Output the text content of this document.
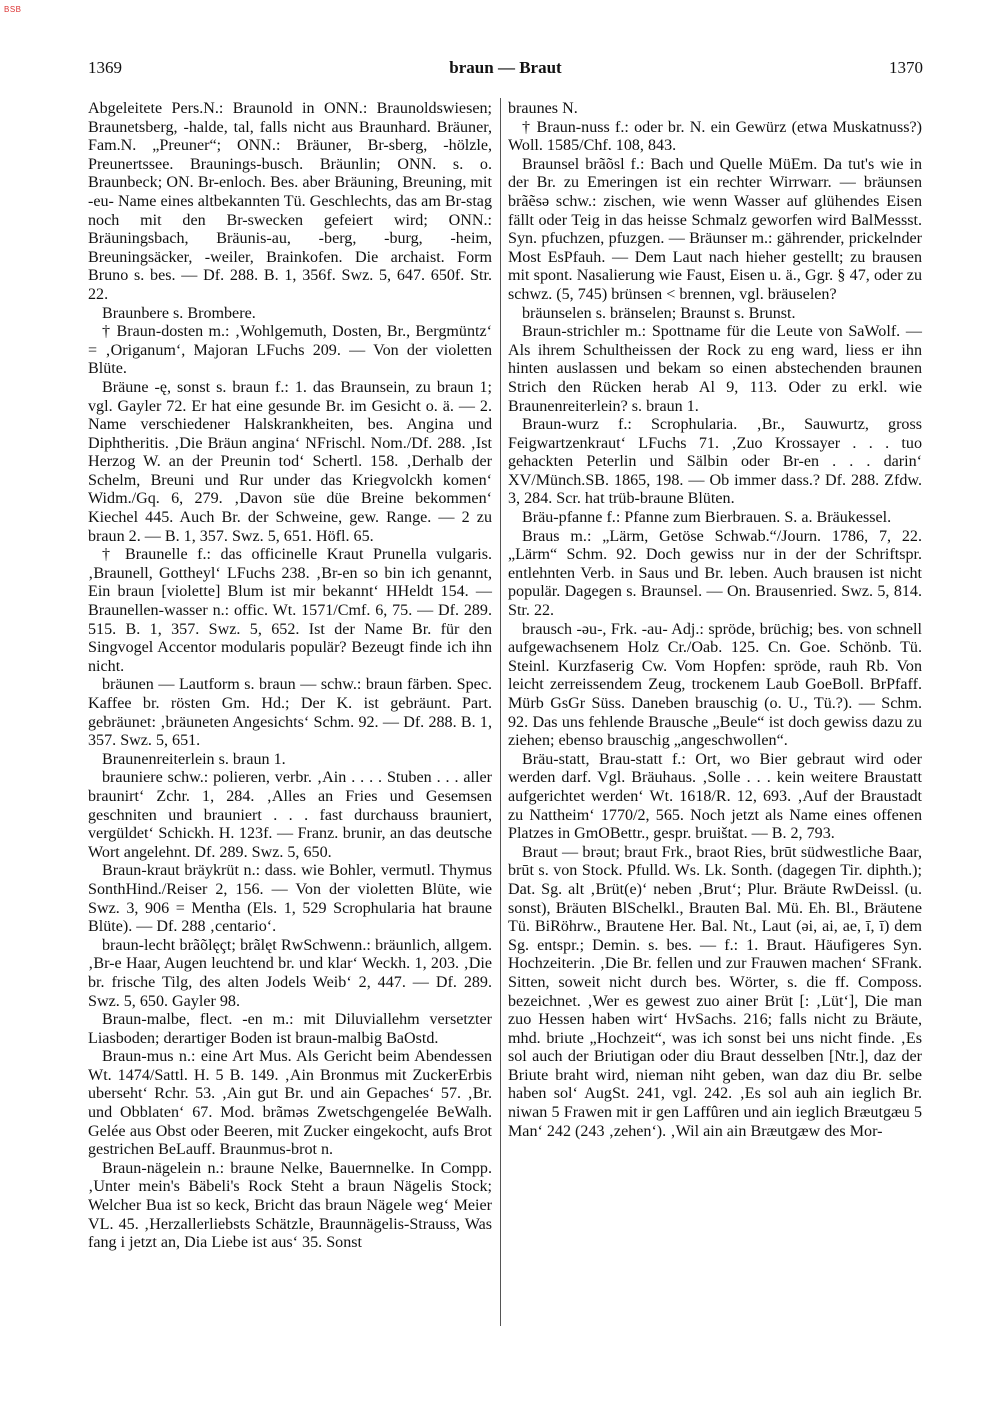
BSB
1369	braun — Braut	1370

Abgeleitete Pers.N.: Braunold in ONN.: Braunoldswiesen; Braunetsberg, -halde, tal, falls nicht aus Braunhard. Bräuner, Fam.N. „Preuner“; ONN.: Bräuner, Br-sberg, -hölzle, Preunertssee. Braunings-busch. Bräunlin; ONN. s. o. Braunbeck; ON. Br-enloch. Bes. aber Bräuning, Breuning, mit -eu- Name eines altbekannten Tü. Geschlechts, das am Br-stag noch mit den Br-swecken gefeiert wird; ONN.: Bräuningsbach, Bräunis-au, -berg, -burg, -heim, Breuningsäcker, -weiler, Brainkofen. Die archaist. Form Bruno s. bes. — Df. 288. B. 1, 356f. Swz. 5, 647. 650f. Str. 22.

Braunbere s. Brombere.

† Braun-dosten m.: ‚Wohlgemuth, Dosten, Br., Bergmüntz‘ = ‚Origanum‘, Majoran LFuchs 209. — Von der violetten Blüte.

Bräune -ę, sonst s. braun f.: 1. das Braunsein, zu braun 1; vgl. Gayler 72. Er hat eine gesunde Br. im Gesicht o. ä. — 2. Name verschiedener Halskrankheiten, bes. Angina und Diphtheritis. ‚Die Bräun angina‘ NFrischl. Nom./Df. 288. ‚Ist Herzog W. an der Preunin tod‘ Schertl. 158. ‚Derhalb der Schelm, Breuni und Rur under das Kriegvolckh komen‘ Widm./Gq. 6, 279. ‚Davon süe düe Breine bekommen‘ Kiechel 445. Auch Br. der Schweine, gew. Range. — 2 zu braun 2. — B. 1, 357. Swz. 5, 651. Höfl. 65.

† Braunelle f.: das officinelle Kraut Prunella vulgaris. ‚Braunell, Gottheyl‘ LFuchs 238. ‚Br-en so bin ich genannt, Ein braun [violette] Blum ist mir bekannt‘ HHeldt 154. — Braunellen-wasser n.: offic. Wt. 1571/Cmf. 6, 75. — Df. 289. 515. B. 1, 357. Swz. 5, 652. Ist der Name Br. für den Singvogel Accentor modularis populär? Bezeugt finde ich ihn nicht.

bräunen — Lautform s. braun — schw.: braun färben. Spec. Kaffee br. rösten Gm. Hd.; Der K. ist gebräunt. Part. gebräunet: ‚bräuneten Angesichts‘ Schm. 92. — Df. 288. B. 1, 357. Swz. 5, 651.

Braunenreiterlein s. braun 1.

brauniere schw.: polieren, verbr. ‚Ain . . . . Stuben . . . aller braunirt‘ Zchr. 1, 284. ‚Alles an Fries und Gesemsen geschniten und brauniert . . . fast durchauss brauniert, vergüldet‘ Schickh. H. 123f. — Franz. brunir, an das deutsche Wort angelehnt. Df. 289. Swz. 5, 650.

Braun-kraut bräykrüt n.: dass. wie Bohler, vermutl. Thymus SonthHind./Reiser 2, 156. — Von der violetten Blüte, wie Swz. 3, 906 = Mentha (Els. 1, 529 Scrophularia hat braune Blüte). — Df. 288 ‚centario‘.

braun-lecht brãõlęçt; brãlęt RwSchwenn.: bräunlich, allgem. ‚Br-e Haar, Augen leuchtend br. und klar‘ Weckh. 1, 203. ‚Die br. frische Tilg, des alten Jodels Weib‘ 2, 447. — Df. 289. Swz. 5, 650. Gayler 98.

Braun-malbe, flect. -en m.: mit Diluviallehm versetzter Liasboden; derartiger Boden ist braun-malbig BaOstd.

Braun-mus n.: eine Art Mus. Als Gericht beim Abendessen Wt. 1474/Sattl. H. 5 B. 149. ‚Ain Bronmus mit ZuckerErbis uberseht‘ Rchr. 53. ‚Ain gut Br. und ain Gepaches‘ 57. ‚Br. und Obblaten‘ 67. Mod. brãməs Zwetschgengelée BeWalh. Gelée aus Obst oder Beeren, mit Zucker eingekocht, aufs Brot gestrichen BeLauff. Braunmus-brot n.

Braun-nägelein n.: braune Nelke, Bauernnelke. In Compp. ‚Unter mein's Bäbeli's Rock Steht a braun Nägelis Stock; Welcher Bua ist so keck, Bricht das braun Nägele weg‘ Meier VL. 45. ‚Herzallerliebsts Schätzle, Braunnägelis-Strauss, Was fang i jetzt an, Dia Liebe ist aus‘ 35. Sonst

braunes N.

† Braun-nuss f.: oder br. N. ein Gewürz (etwa Muskatnuss?) Woll. 1585/Chf. 108, 843.

Braunsel brãõsl f.: Bach und Quelle MüEm. Da tut's wie in der Br. zu Emeringen ist ein rechter Wirrwarr. — bräunsen brãẽsə schw.: zischen, wie wenn Wasser auf glühendes Eisen fällt oder Teig in das heisse Schmalz geworfen wird BalMessst. Syn. pfuchzen, pfuzgen. — Bräunser m.: gährender, prickelnder Most EsPfauh. — Dem Laut nach hieher gestellt; zu brausen mit spont. Nasalierung wie Faust, Eisen u. ä., Ggr. § 47, oder zu schwz. (5, 745) brünsen < brennen, vgl. bräuselen?

bräunselen s. bränselen; Braunst s. Brunst.

Braun-strichler m.: Spottname für die Leute von SaWolf. — Als ihrem Schultheissen der Rock zu eng ward, liess er ihn hinten auslassen und bekam so einen abstechenden braunen Strich den Rücken herab Al 9, 113. Oder zu erkl. wie Braunenreiterlein? s. braun 1.

Braun-wurz f.: Scrophularia. ‚Br., Sauwurtz, gross Feigwartzenkraut‘ LFuchs 71. ‚Zuo Krossayer . . . tuo gehackten Peterlin und Sälbin oder Br-en . . . darin‘ XV/Münch.SB. 1865, 198. — Ob immer dass.? Df. 288. Zfdw. 3, 284. Scr. hat trüb-braune Blüten.

Bräu-pfanne f.: Pfanne zum Bierbrauen. S. a. Bräukessel.

Braus m.: „Lärm, Getöse Schwab.“/Journ. 1786, 7, 22. „Lärm“ Schm. 92. Doch gewiss nur in der der Schriftspr. entlehnten Verb. in Saus und Br. leben. Auch brausen ist nicht populär. Dagegen s. Braunsel. — On. Brausenried. Swz. 5, 814. Str. 22.

brausch -əu-, Frk. -au- Adj.: spröde, brüchig; bes. von schnell aufgewachsenem Holz Cr./Oab. 125. Cn. Goe. Schönb. Tü. Steinl. Kurzfaserig Cw. Vom Hopfen: spröde, rauh Rb. Von leicht zerreissendem Zeug, trockenem Laub GoeBoll. BrPfaff. Mürb GsGr Süss. Daneben brauschig (o. U., Tü.?). — Schm. 92. Das uns fehlende Brausche „Beule“ ist doch gewiss dazu zu ziehen; ebenso brauschig „angeschwollen“.

Bräu-statt, Brau-statt f.: Ort, wo Bier gebraut wird oder werden darf. Vgl. Bräuhaus. ‚Solle . . . kein weitere Braustatt aufgerichtet werden‘ Wt. 1618/R. 12, 693. ‚Auf der Braustadt zu Nattheim‘ 1770/2, 565. Noch jetzt als Name eines offenen Platzes in GmOBettr., gespr. bruištat. — B. 2, 793.

Braut — brəut; braut Frk., braot Ries, brūt südwestliche Baar, brūt s. von Stock. Pfulld. Ws. Lk. Sonth. (dagegen Tir. diphth.); Dat. Sg. alt ‚Brüt(e)‘ neben ‚Brut‘; Plur. Bräute RwDeissl. (u. sonst), Bräuten BlSchelkl., Brauten Bal. Mü. Eh. Bl., Bräutene Tü. BiRöhrw., Brautene Her. Bal. Nt., Laut (əi, ai, ae, ī, ī) dem Sg. entspr.; Demin. s. bes. — f.: 1. Braut. Häufigeres Syn. Hochzeiterin. ‚Die Br. fellen und zur Frauwen machen‘ SFrank. Sitten, soweit nicht durch bes. Wörter, s. die ff. Composs. bezeichnet. ‚Wer es gewest zuo ainer Brüt [: ‚Lüt‘], Die man zuo Hessen haben wirt‘ HvSachs. 216; falls nicht zu Bräute, mhd. briute „Hochzeit“, was ich sonst bei uns nicht finde. ‚Es sol auch der Briutigan oder diu Braut desselben [Ntr.], daz der Briute braht wird, nieman niht geben, wan daz diu Br. selbe haben sol‘ AugSt. 241, vgl. 242. ‚Es sol auh ain ieglich Br. niwan 5 Frawen mit ir gen Laffûren und ain ieglich Bræutgæu 5 Man‘ 242 (243 ‚zehen‘). ‚Wil ain ain Bræutgæw des Mor-
